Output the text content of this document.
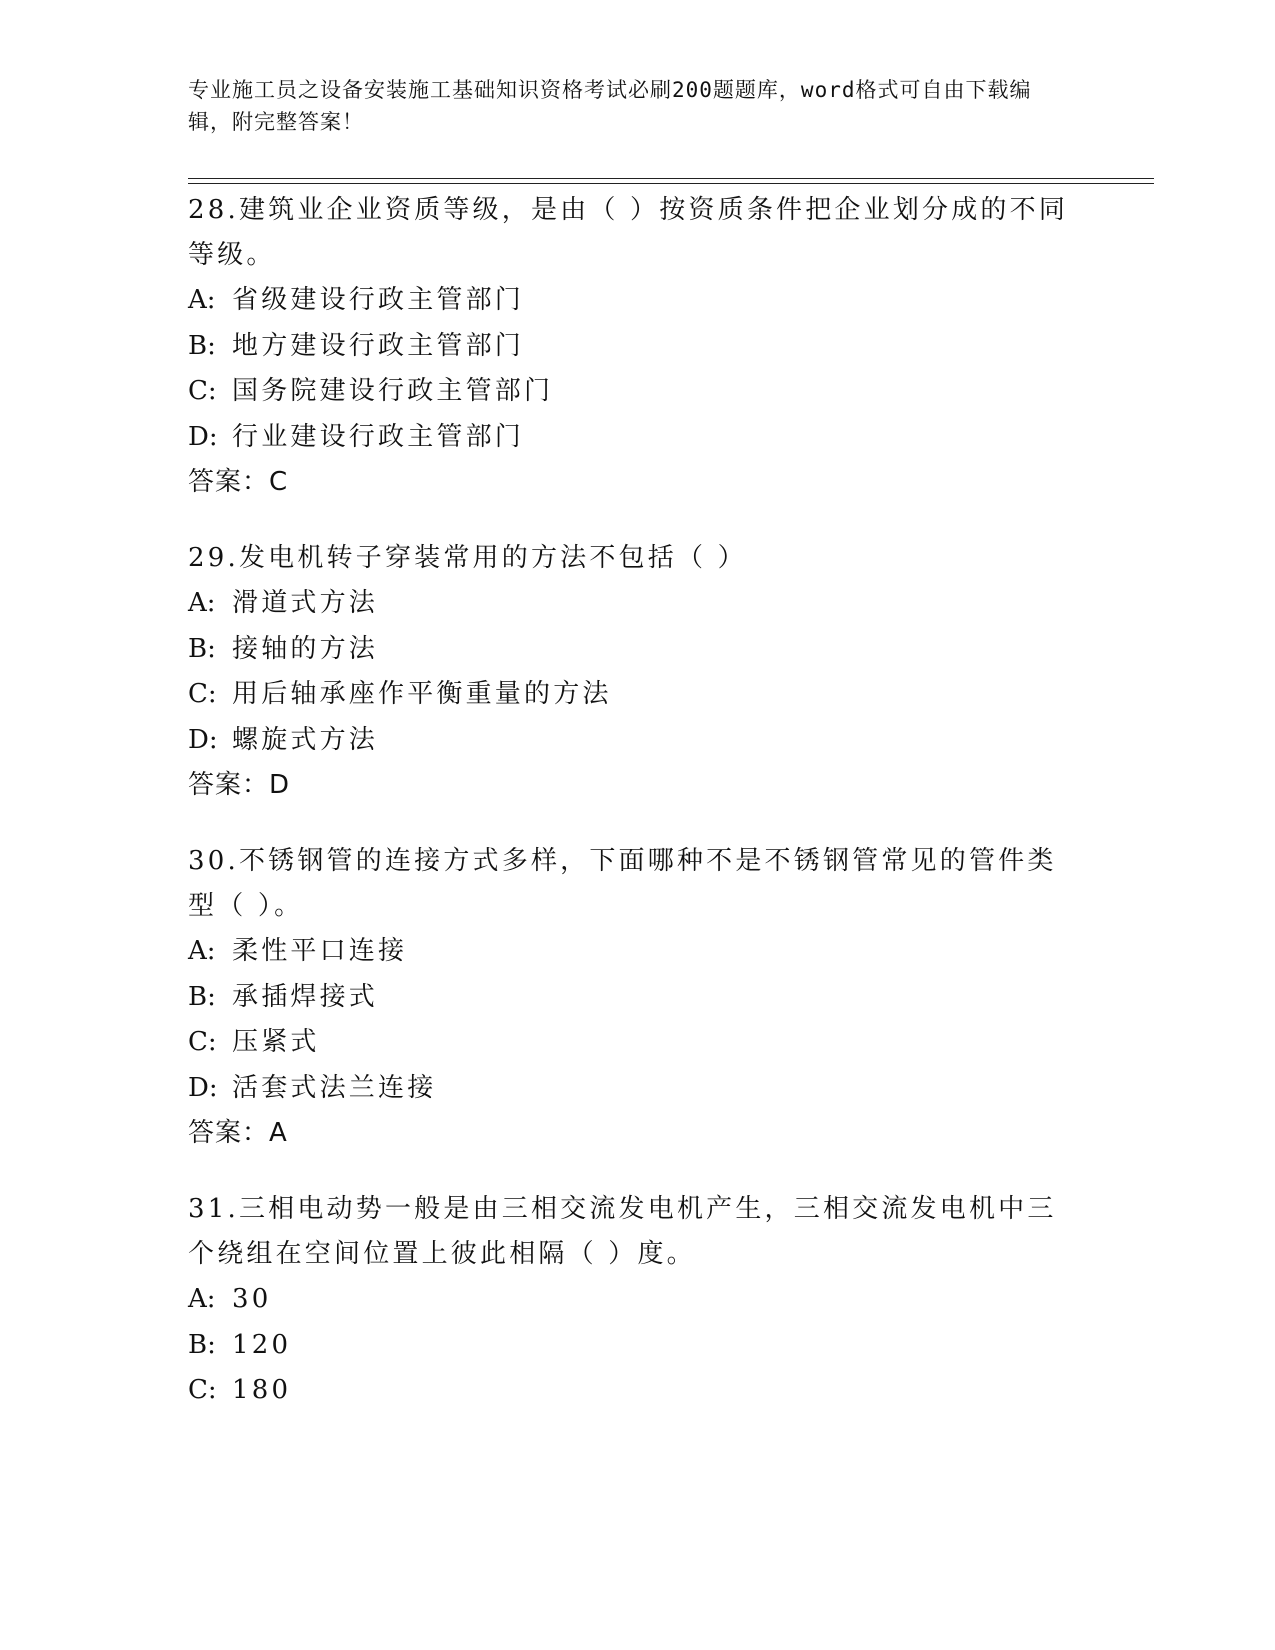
专业施工员之设备安装施工基础知识资格考试必刷200题题库，word格式可自由下载编辑，附完整答案！
28.建筑业企业资质等级，是由（ ）按资质条件把企业划分成的不同等级。
A: 省级建设行政主管部门
B: 地方建设行政主管部门
C: 国务院建设行政主管部门
D: 行业建设行政主管部门
答案：C
29.发电机转子穿装常用的方法不包括（ ）
A: 滑道式方法
B: 接轴的方法
C: 用后轴承座作平衡重量的方法
D: 螺旋式方法
答案：D
30.不锈钢管的连接方式多样，下面哪种不是不锈钢管常见的管件类型（ ）。
A: 柔性平口连接
B: 承插焊接式
C: 压紧式
D: 活套式法兰连接
答案：A
31.三相电动势一般是由三相交流发电机产生，三相交流发电机中三个绕组在空间位置上彼此相隔（ ）度。
A: 30
B: 120
C: 180
